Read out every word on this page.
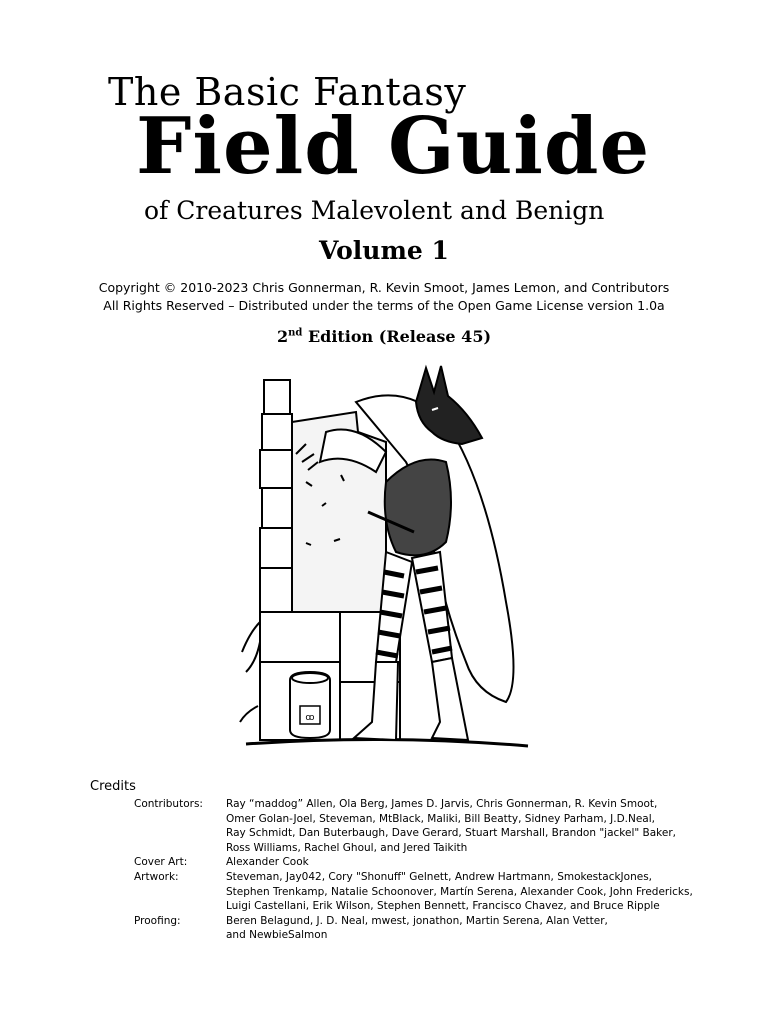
The Basic Fantasy
Field Guide
of Creatures Malevolent and Benign
Volume 1
Copyright © 2010-2023 Chris Gonnerman, R. Kevin Smoot, James Lemon, and Contributors
All Rights Reserved – Distributed under the terms of the Open Game License version 1.0a
2nd Edition (Release 45)
ꝏ
Credits
Contributors:	Ray “maddog” Allen, Ola Berg, James D. Jarvis, Chris Gonnerman, R. Kevin Smoot,
Omer Golan-Joel, Steveman, MtBlack, Maliki, Bill Beatty, Sidney Parham, J.D.Neal,
Ray Schmidt, Dan Buterbaugh, Dave Gerard, Stuart Marshall, Brandon "jackel" Baker,
Ross Williams, Rachel Ghoul, and Jered Taikith
Cover Art:	Alexander Cook
Artwork:	Steveman, Jay042, Cory "Shonuff" Gelnett, Andrew Hartmann, SmokestackJones,
Stephen Trenkamp, Natalie Schoonover, Martín Serena, Alexander Cook, John Fredericks,
Luigi Castellani, Erik Wilson, Stephen Bennett, Francisco Chavez, and Bruce Ripple
Proofing:	Beren Belagund, J. D. Neal, mwest, jonathon, Martin Serena, Alan Vetter,
and NewbieSalmon
